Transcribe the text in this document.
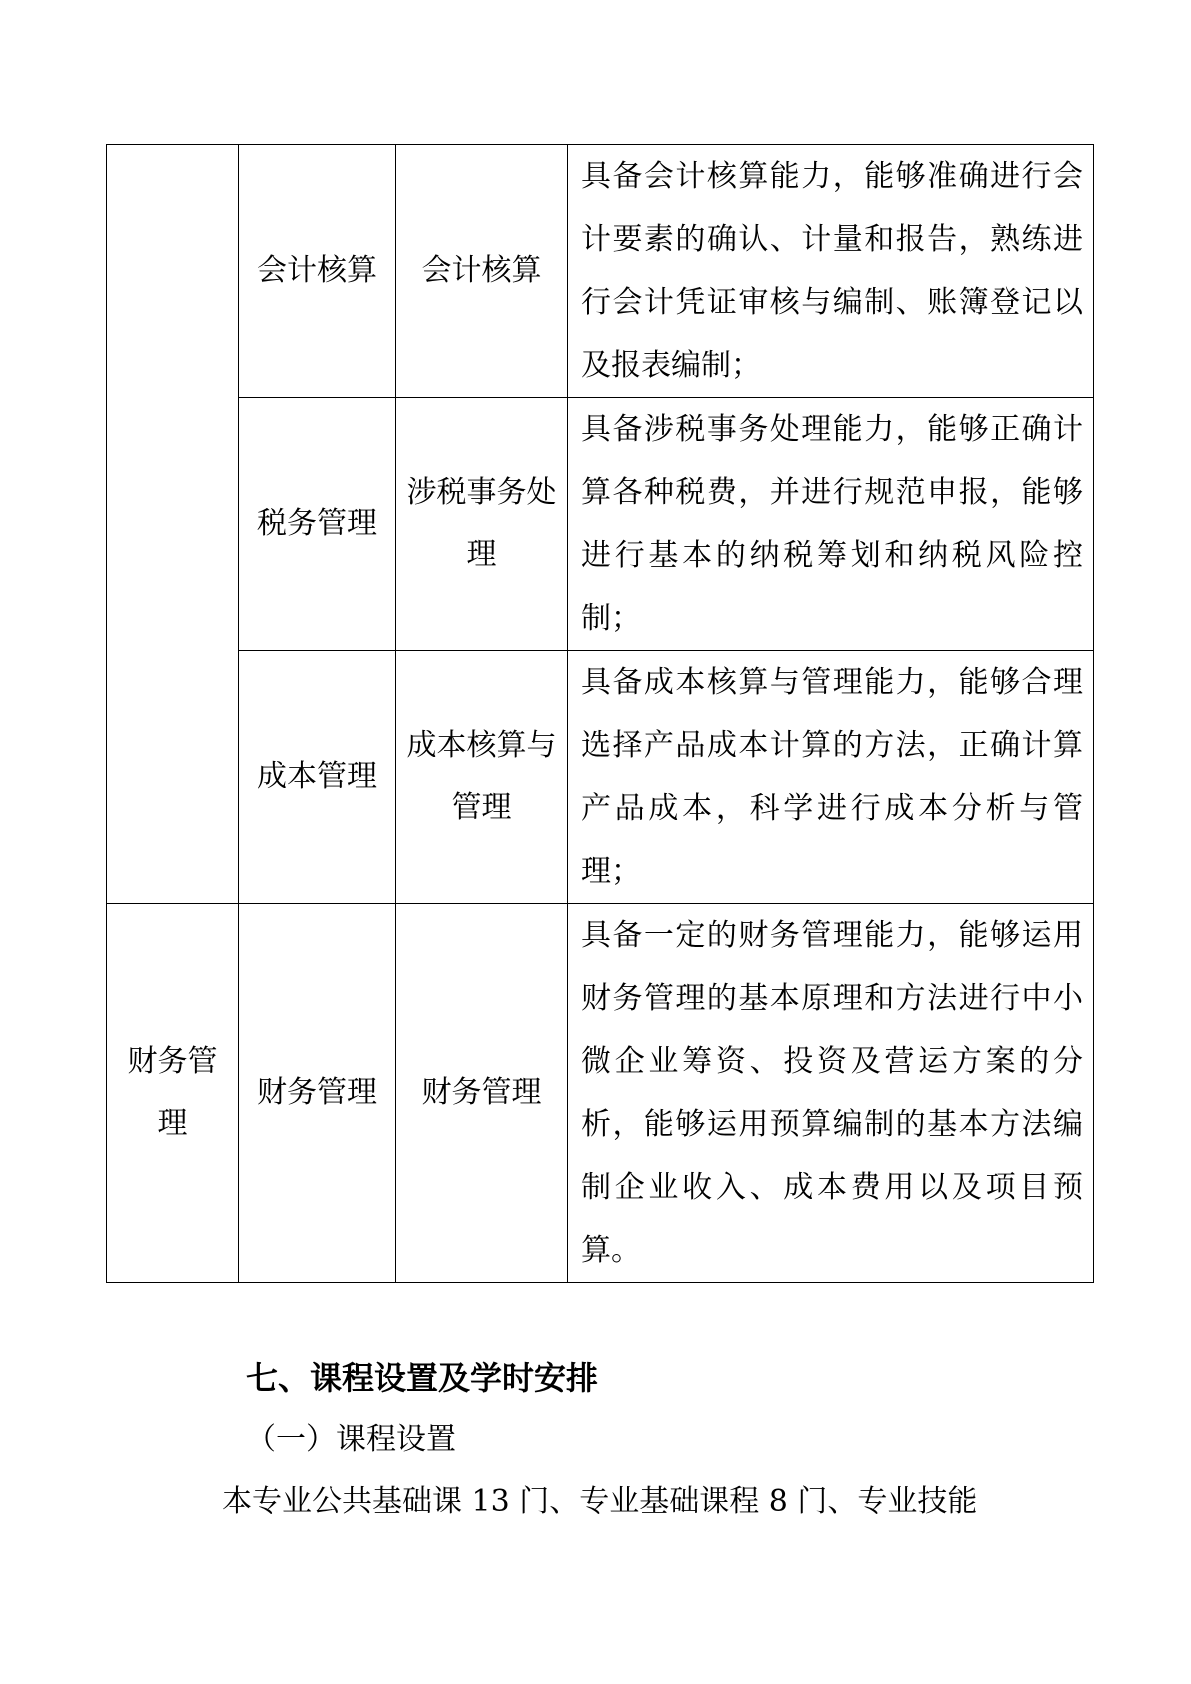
	会计核算	会计核算	具备会计核算能力，能够准确进行会计要素的确认、计量和报告，熟练进行会计凭证审核与编制、账簿登记以及报表编制；

	税务管理	涉税事务处理	具备涉税事务处理能力，能够正确计算各种税费，并进行规范申报，能够进行基本的纳税筹划和纳税风险控制；

	成本管理	成本核算与管理	具备成本核算与管理能力，能够合理选择产品成本计算的方法，正确计算产品成本，科学进行成本分析与管理；

财务管理	财务管理	财务管理	具备一定的财务管理能力，能够运用财务管理的基本原理和方法进行中小微企业筹资、投资及营运方案的分析，能够运用预算编制的基本方法编制企业收入、成本费用以及项目预算。
七、课程设置及学时安排
（一）课程设置
本专业公共基础课 13 门、专业基础课程 8 门、专业技能
